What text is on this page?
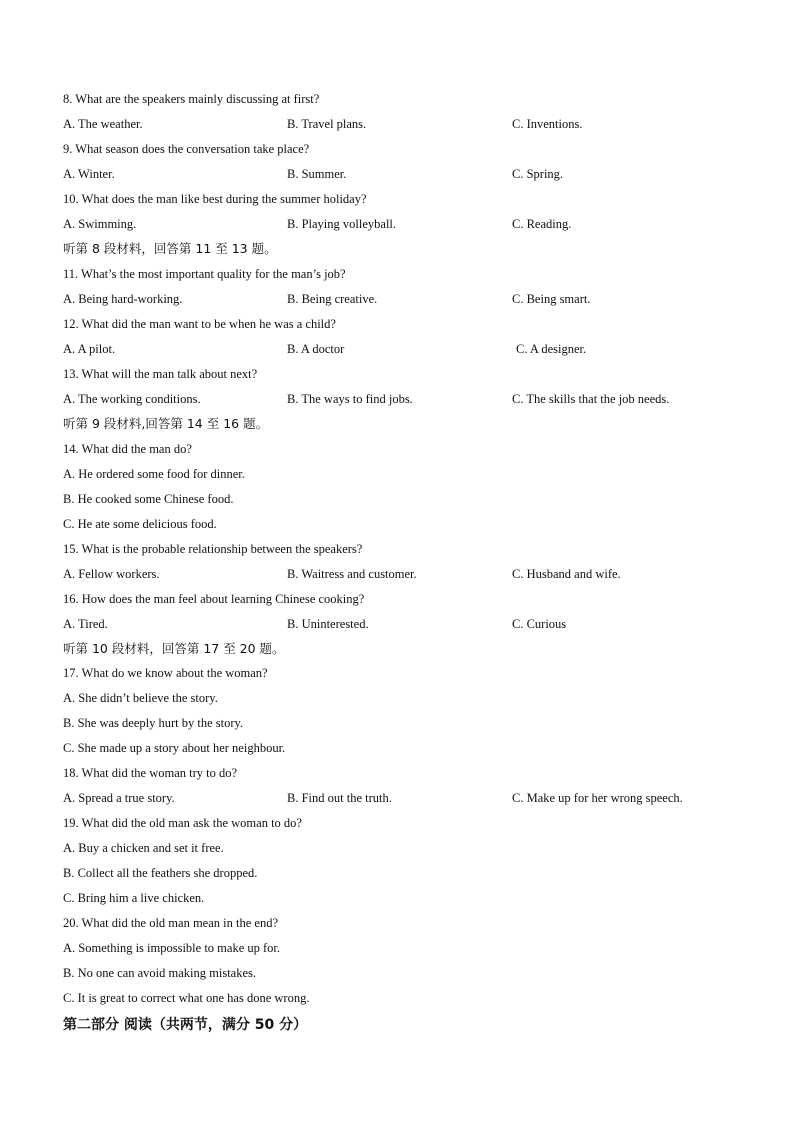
8. What are the speakers mainly discussing at first?
A. The weather.	B. Travel plans.	C. Inventions.
9. What season does the conversation take place?
A. Winter.	B. Summer.	C. Spring.
10. What does the man like best during the summer holiday?
A. Swimming.	B. Playing volleyball.	C. Reading.
听第 8 段材料，回答第 11 至 13 题。
11. What’s the most important quality for the man’s job?
A. Being hard-working.	B. Being creative.	C. Being smart.
12. What did the man want to be when he was a child?
A. A pilot.	B. A doctor	C. A designer.
13. What will the man talk about next?
A. The working conditions.	B. The ways to find jobs.	C. The skills that the job needs.
听第 9 段材料,回答第 14 至 16 题。
14. What did the man do?
A. He ordered some food for dinner.
B. He cooked some Chinese food.
C. He ate some delicious food.
15. What is the probable relationship between the speakers?
A. Fellow workers.	B. Waitress and customer.	C. Husband and wife.
16. How does the man feel about learning Chinese cooking?
A. Tired.	B. Uninterested.	C. Curious
听第 10 段材料，回答第 17 至 20 题。
17. What do we know about the woman?
A. She didn’t believe the story.
B. She was deeply hurt by the story.
C. She made up a story about her neighbour.
18. What did the woman try to do?
A. Spread a true story.	B. Find out the truth.	C. Make up for her wrong speech.
19. What did the old man ask the woman to do?
A. Buy a chicken and set it free.
B. Collect all the feathers she dropped.
C. Bring him a live chicken.
20. What did the old man mean in the end?
A. Something is impossible to make up for.
B. No one can avoid making mistakes.
C. It is great to correct what one has done wrong.
第二部分 阅读（共两节，满分 50 分）
